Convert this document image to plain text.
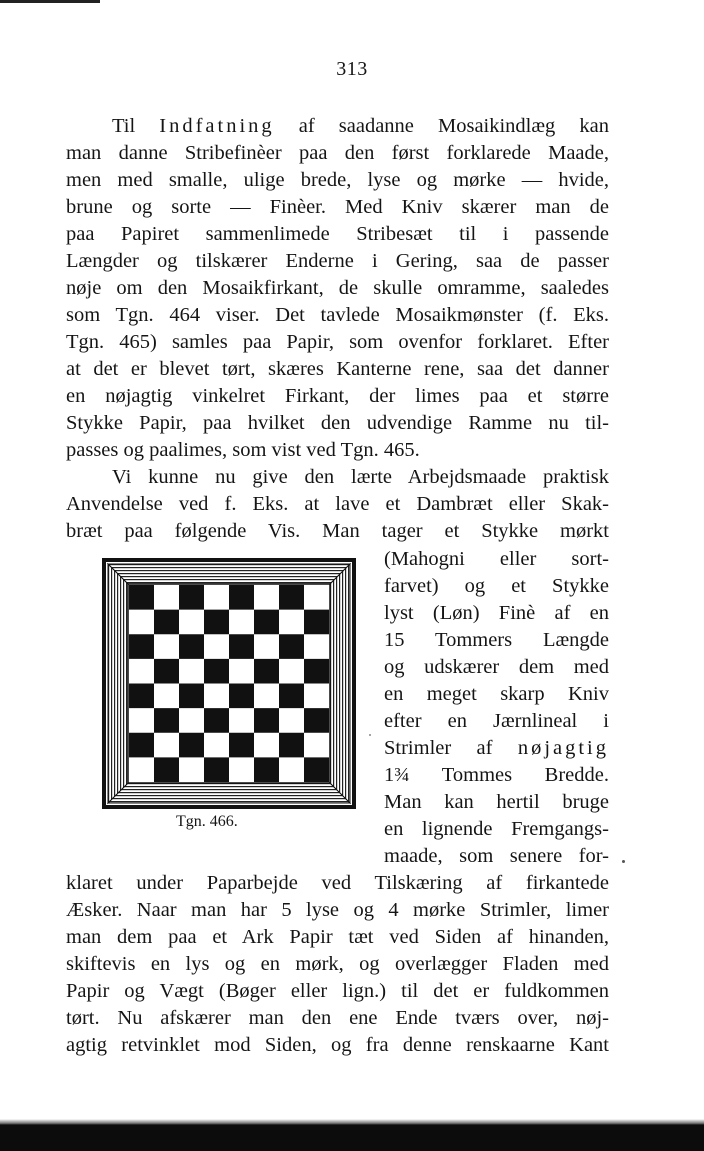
313
Til Indfatning af saadanne Mosaikindlæg kan
man danne Stribefinèer paa den først forklarede Maade,
men med smalle, ulige brede, lyse og mørke — hvide,
brune og sorte — Finèer. Med Kniv skærer man de
paa Papiret sammenlimede Stribesæt til i passende
Længder og tilskærer Enderne i Gering, saa de passer
nøje om den Mosaikfirkant, de skulle omramme, saaledes
som Tgn. 464 viser. Det tavlede Mosaikmønster (f. Eks.
Tgn. 465) samles paa Papir, som ovenfor forklaret. Efter
at det er blevet tørt, skæres Kanterne rene, saa det danner
en nøjagtig vinkelret Firkant, der limes paa et større
Stykke Papir, paa hvilket den udvendige Ramme nu til-
passes og paalimes, som vist ved Tgn. 465.
Vi kunne nu give den lærte Arbejdsmaade praktisk
Anvendelse ved f. Eks. at lave et Dambræt eller Skak-
bræt paa følgende Vis. Man tager et Stykke mørkt
(Mahogni eller sort-
farvet) og et Stykke
lyst (Løn) Finè af en
15 Tommers Længde
og udskærer dem med
en meget skarp Kniv
efter en Jærnlineal i
Strimler af nøjagtig
1¾ Tommes Bredde.
Man kan hertil bruge
en lignende Fremgangs-
maade, som senere for-
klaret under Paparbejde ved Tilskæring af firkantede
Æsker. Naar man har 5 lyse og 4 mørke Strimler, limer
man dem paa et Ark Papir tæt ved Siden af hinanden,
skiftevis en lys og en mørk, og overlægger Fladen med
Papir og Vægt (Bøger eller lign.) til det er fuldkommen
tørt. Nu afskærer man den ene Ende tværs over, nøj-
agtig retvinklet mod Siden, og fra denne renskaarne Kant
Tgn. 466.
